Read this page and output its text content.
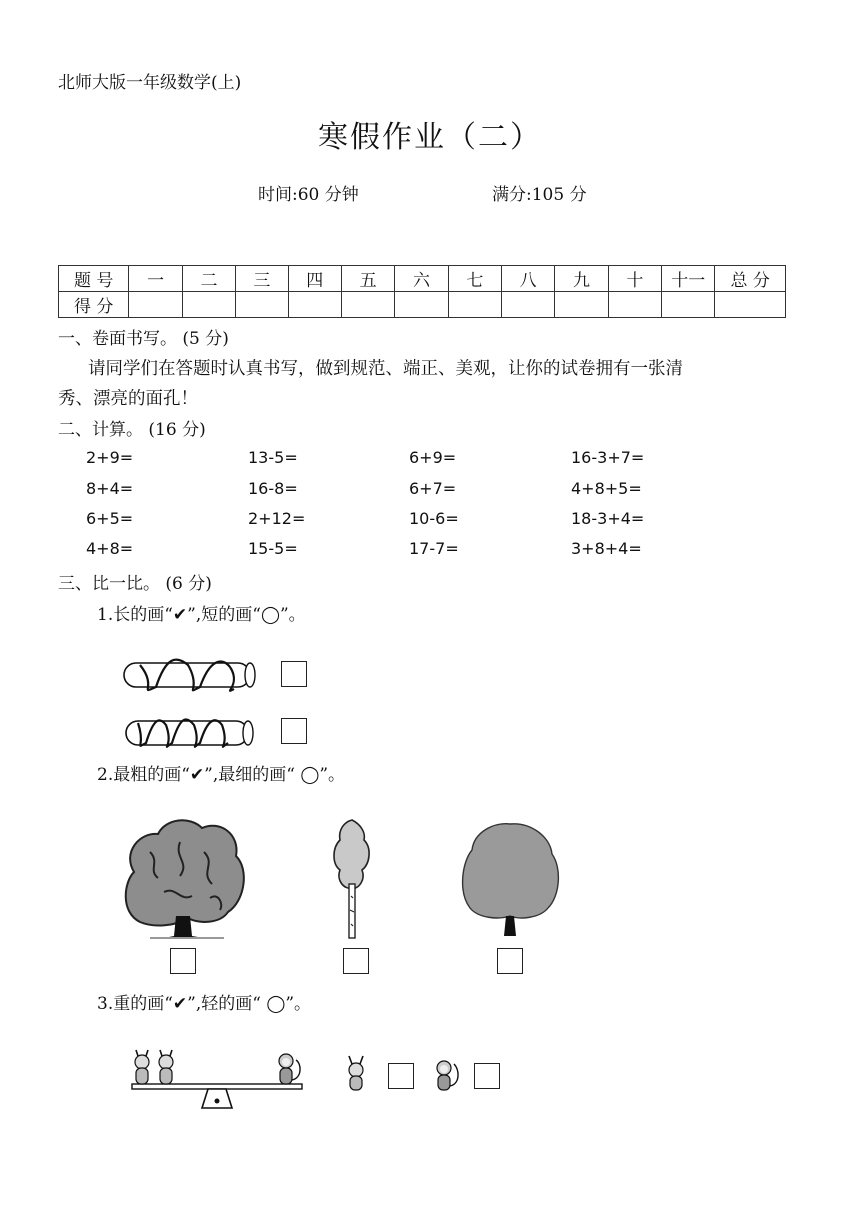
北师大版一年级数学(上)
寒假作业（二）
时间:60 分钟	满分:105 分
题 号	一	二	三	四	五	六	七	八	九	十	十一	总 分
得 分												
一、卷面书写。 (5 分)
请同学们在答题时认真书写，做到规范、端正、美观，让你的试卷拥有一张清
秀、漂亮的面孔！
二、计算。 (16 分)
2+9=	13-5=	6+9=	16-3+7=
8+4=	16-8=	6+7=	4+8+5=
6+5=	2+12=	10-6=	18-3+4=
4+8=	15-5=	17-7=	3+8+4=
三、比一比。 (6 分)
1.长的画“✔”,短的画“◯”。
2.最粗的画“✔”,最细的画“ ◯”。
3.重的画“✔”,轻的画“ ◯”。
